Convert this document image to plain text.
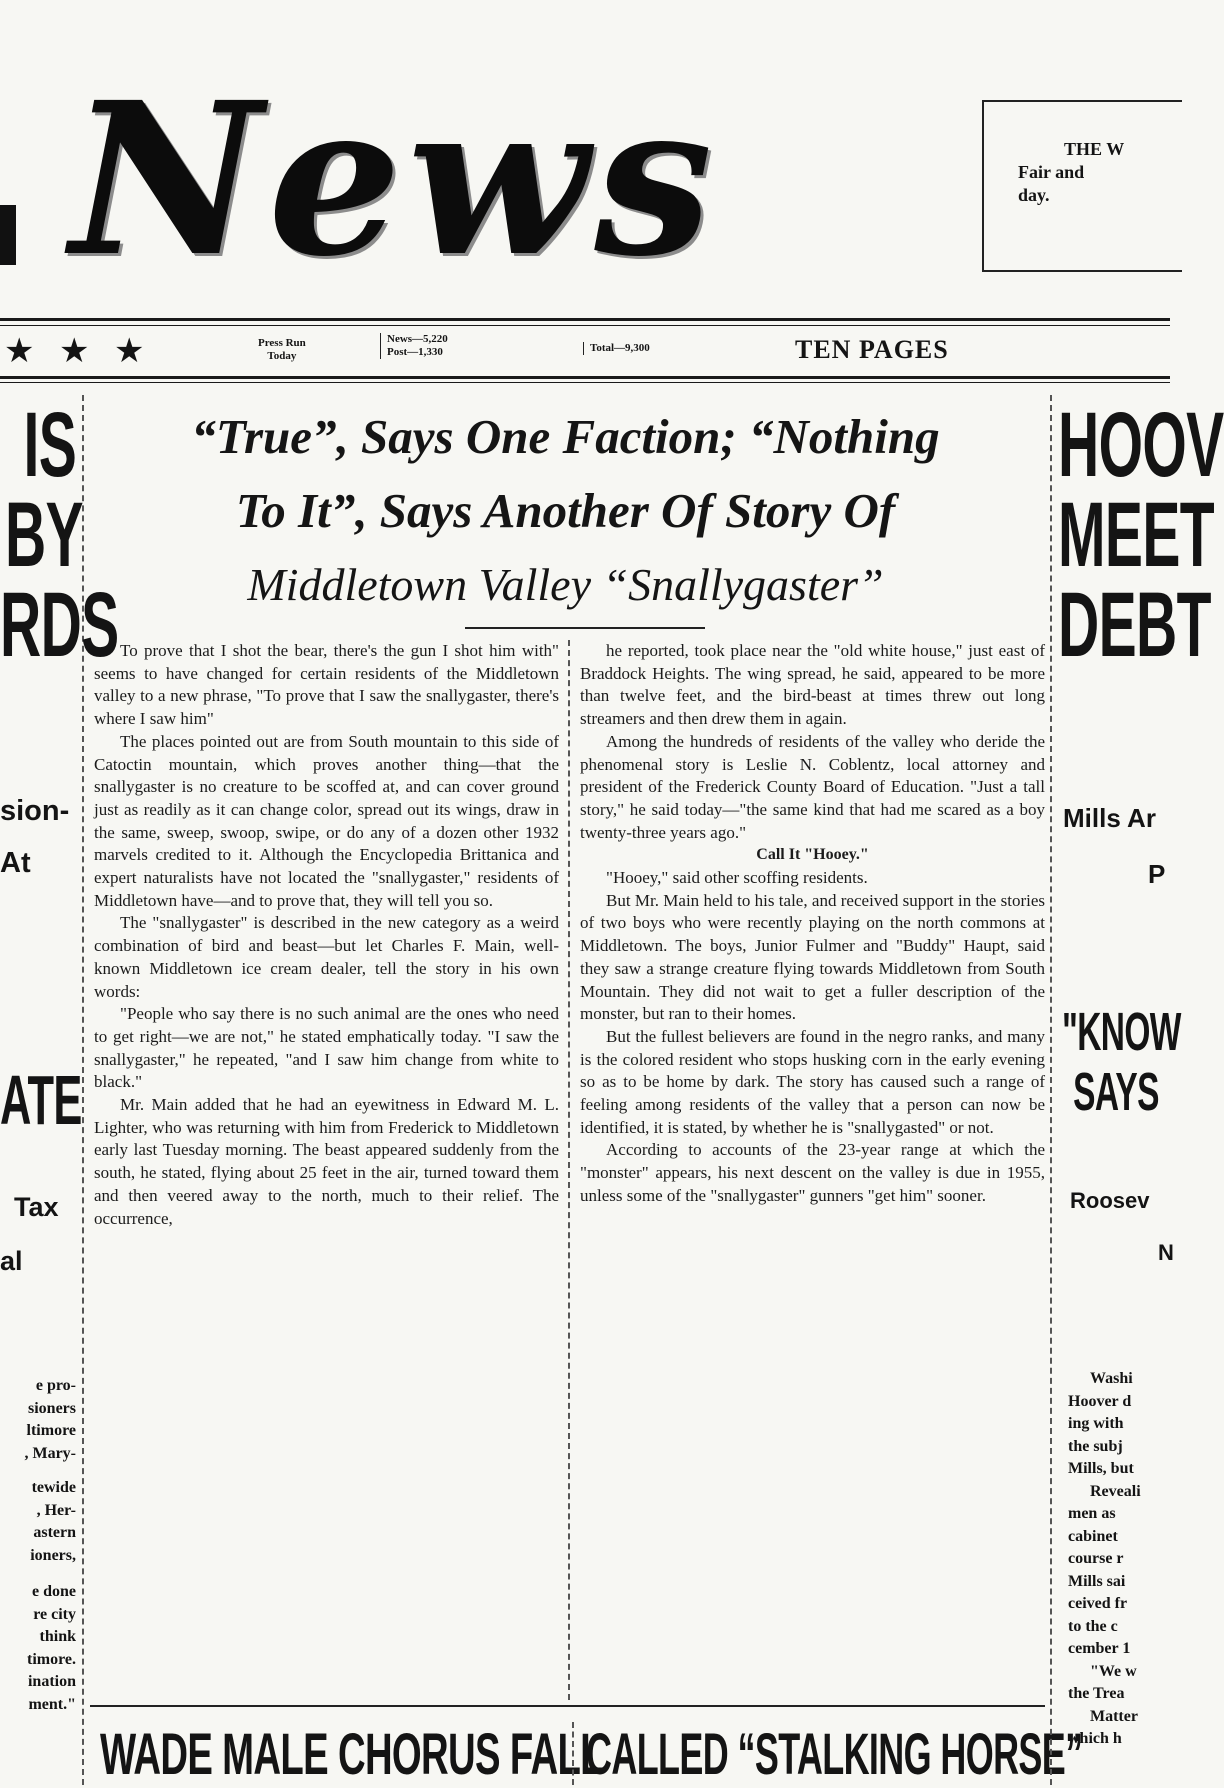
News	THE W
Fair and
day.
★ ★ ★	Press Run
Today
News—5,220
Post—1,330	Total—9,300	TEN PAGES
IS
BY
RDS
sion-
At
ATE
Tax
al
e pro-
sioners
ltimore
, Mary-
tewide
, Her-
astern
ioners,
e done
re city
think
timore.
ination
ment."
“True”, Says One Faction; “Nothing
To It”, Says Another Of Story Of
Middletown Valley “Snallygaster”

To prove that I shot the bear, there's the gun I shot him with" seems to have changed for certain residents of the Middletown valley to a new phrase, "To prove that I saw the snallygaster, there's where I saw him"

The places pointed out are from South mountain to this side of Catoctin mountain, which proves another thing—that the snallygaster is no creature to be scoffed at, and can cover ground just as readily as it can change color, spread out its wings, draw in the same, sweep, swoop, swipe, or do any of a dozen other 1932 marvels credited to it. Although the Encyclopedia Brittanica and expert naturalists have not located the "snallygaster," residents of Middletown have—and to prove that, they will tell you so.

The "snallygaster" is described in the new category as a weird combination of bird and beast—but let Charles F. Main, well-known Middletown ice cream dealer, tell the story in his own words:

"People who say there is no such animal are the ones who need to get right—we are not," he stated emphatically today. "I saw the snallygaster," he repeated, "and I saw him change from white to black."

Mr. Main added that he had an eyewitness in Edward M. L. Lighter, who was returning with him from Frederick to Middletown early last Tuesday morning. The beast appeared suddenly from the south, he stated, flying about 25 feet in the air, turned toward them and then veered away to the north, much to their relief. The occurrence,

he reported, took place near the "old white house," just east of Braddock Heights. The wing spread, he said, appeared to be more than twelve feet, and the bird-beast at times threw out long streamers and then drew them in again.

Among the hundreds of residents of the valley who deride the phenomenal story is Leslie N. Coblentz, local attorney and president of the Frederick County Board of Education. "Just a tall story," he said today—"the same kind that had me scared as a boy twenty-three years ago."

Call It "Hooey."

"Hooey," said other scoffing residents.

But Mr. Main held to his tale, and received support in the stories of two boys who were recently playing on the north commons at Middletown. The boys, Junior Fulmer and "Buddy" Haupt, said they saw a strange creature flying towards Middletown from South Mountain. They did not wait to get a fuller description of the monster, but ran to their homes.

But the fullest believers are found in the negro ranks, and many is the colored resident who stops husking corn in the early evening so as to be home by dark. The story has caused such a range of feeling among residents of the valley that a person can now be identified, it is stated, by whether he is "snallygasted" or not.

According to accounts of the 23-year range at which the "monster" appears, his next descent on the valley is due in 1955, unless some of the "snallygaster" gunners "get him" sooner.

WADE MALE CHORUS FALL
CALLED “STALKING HORSE”
HOOV
MEET
DEBT
Mills Ar
P
"KNOW
SAYS
Roosev
N
Washi
Hoover d
ing with
the subj
Mills, but
Reveali
men as
cabinet
course r
Mills sai
ceived fr
to the c
cember 1
"We w
the Trea
Matter
which h
